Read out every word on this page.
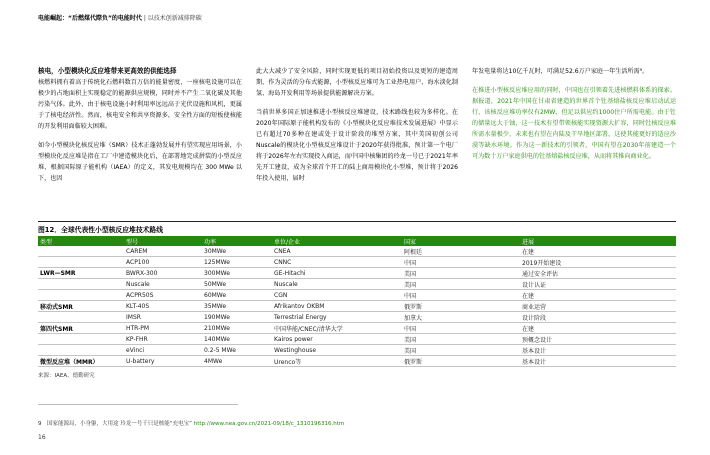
电能崛起：“后燃煤代際负”的电能时代 | 以技术创新减排降碳
核电，小型模块化反应堆带来更高效的供能选择

核燃料拥有着高于传统化石燃料数百万倍的能量密度，一座核电设施可以在极少的占地面积上实现稳定的能源供应规模，同时并不产生二氧化碳及其他污染气体。此外，由于核电设施小时利用率远远高于光伏设施和风机，更属于了核电经济性。然而，核电安全和共享资源多，安全性方面的短板使核能的开发利用面临较大困难。

如今小型模块化核反应堆（SMR）技术正蓬勃发展并有望实现应用场景，小型模块化反应堆是指在工厂中建造模块化后，在部署地完成拼装的小型反应堆，根据国际原子能机构（IAEA）的定义，其发电规模均在 300 MWe 以下，也因

此大大减少了安全风险，同时实现更低的项目初始投资以及更短的建造周期，作为灵活的分布式能源，小型核反应堆可为工业热电用户、海水淡化制氢、海岛开发利用等场景提供能源解决方案。

当前世界多国正加速推进小型核反应堆建设，技术路线也较为多样化。在2020年国际原子能机构发布的《小型模块化反应堆技术发展进展》中显示已有超过70多种在建或处于设计阶段的堆型方案，其中美国初创公司Nuscale的模块化小型核反应堆设计于2020年获得批准，预计第一个电厂将于2026年左右实现投入商运，而中国中核集团的玲龙一号已于2021年率先开工建设，成为全球首个开工的陆上商用模块化小型堆，预计将于2026年投入使用，届时

年发电量将达10亿千瓦时，可满足52.6万户家庭一年生活所需⁹。

在推进小型核反应堆应用的同时，中国也在引领着先进核燃料体系的探索。据报道，2021年中国在甘肃省建造的世界首个钍基熔盐核反应堆启动试运行，该核反应堆功率仅有2MW，但足以供应约1000住户所需电能。由于钍的储量远大于铀，这一技术有望带领核能实现资源大扩容，同时钍核反应堆所需水量极少，未来也有望在内陆及干旱地区部署，这使其能更好的适应沙漠等缺水环境。作为这一新技术的引领者，中国有望在2030年前建造一个可为数十万户家庭供电的钍基熔盐核反应堆，从而将其推向商业化。

图12．全球代表性小型核反应堆技术路线
类型	型号	功率	单位/企业	国家	进展
	CAREM	30MWe	CNEA	阿根廷	在建
	ACP100	125MWe	CNNC	中国	2019开始建设
LWR—SMR	BWRX-300	300MWe	GE-Hitachi	美国	通过安全评估
	Nuscale	50MWe	Nuscale	美国	设计认证
	ACPR50S	60MWe	CGN	中国	在建
移动式SMR	KLT-40S	35MWe	Afrikantov OKBM	俄罗斯	商业运营
	IMSR	190MWe	Terrestrial Energy	加拿大	设计阶段
第四代SMR	HTR-PM	210MWe	中国华能/CNEC/清华大学	中国	在建
	KP-FHR	140MWe	Kairos power	美国	预概念设计
	eVinci	0.2-5 MWe	Westinghouse	美国	基本设计
微型反应堆（MMR）	U-battery	4MWe	Urenco等	俄罗斯	基本设计
来源：IAEA、德勤研究
9　国家能源局，小身躯，大用途 玲龙一号千只是核能“充电宝” http://www.nea.gov.cn/2021-09/18/c_1310196316.htm
16
